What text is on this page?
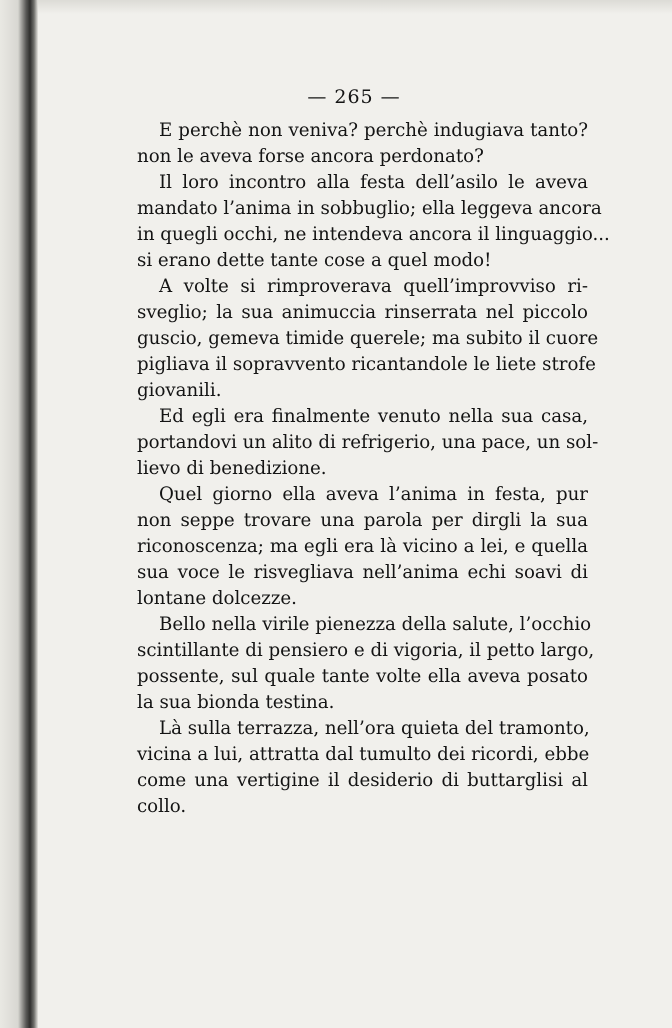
— 265 —
E perchè non veniva? perchè indugiava tanto?
non le aveva forse ancora perdonato?
Il loro incontro alla festa dell’asilo le aveva
mandato l’anima in sobbuglio; ella leggeva ancora
in quegli occhi, ne intendeva ancora il linguaggio...
si erano dette tante cose a quel modo!
A volte si rimproverava quell’improvviso ri-
sveglio; la sua animuccia rinserrata nel piccolo
guscio, gemeva timide querele; ma subito il cuore
pigliava il sopravvento ricantandole le liete strofe
giovanili.
Ed egli era finalmente venuto nella sua casa,
portandovi un alito di refrigerio, una pace, un sol-
lievo di benedizione.
Quel giorno ella aveva l’anima in festa, pur
non seppe trovare una parola per dirgli la sua
riconoscenza; ma egli era là vicino a lei, e quella
sua voce le risvegliava nell’anima echi soavi di
lontane dolcezze.
Bello nella virile pienezza della salute, l’occhio
scintillante di pensiero e di vigoria, il petto largo,
possente, sul quale tante volte ella aveva posato
la sua bionda testina.
Là sulla terrazza, nell’ora quieta del tramonto,
vicina a lui, attratta dal tumulto dei ricordi, ebbe
come una vertigine il desiderio di buttarglisi al
collo.
